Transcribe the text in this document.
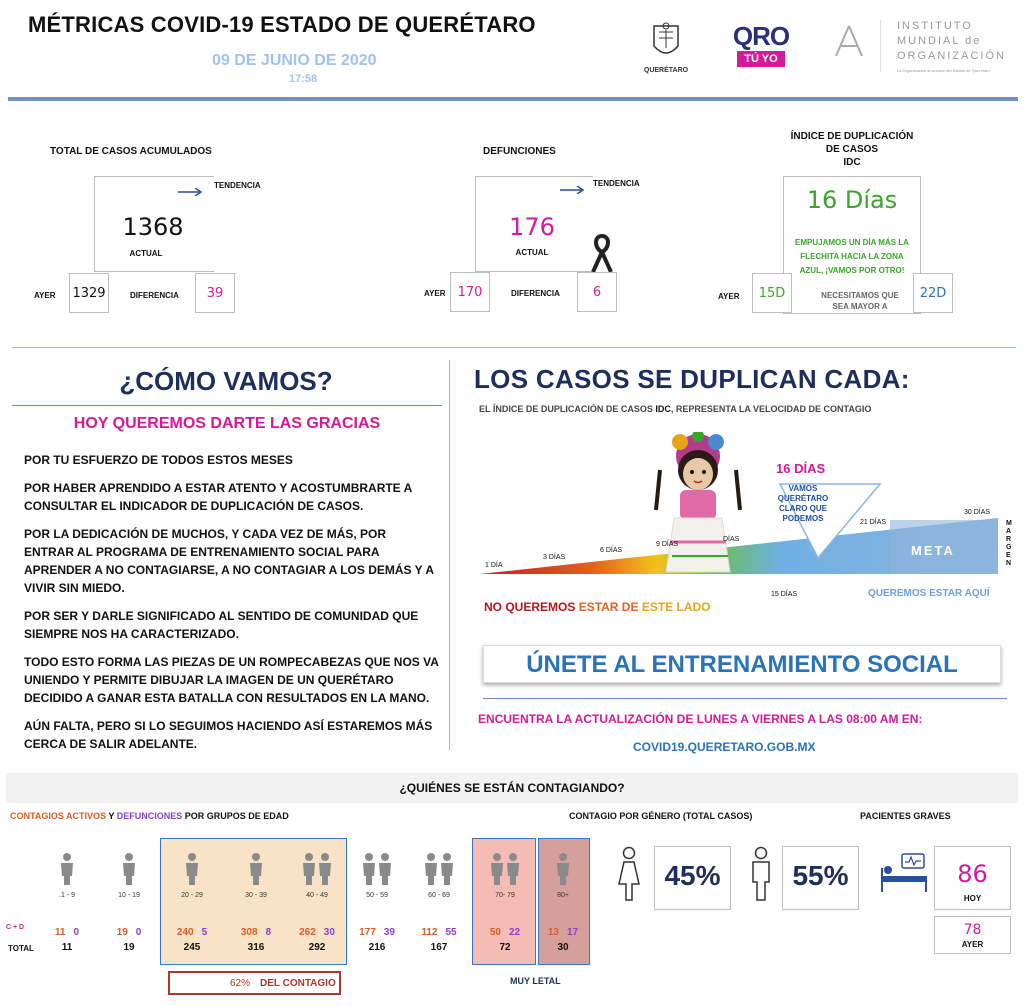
MÉTRICAS COVID-19 ESTADO DE QUERÉTARO
09 DE JUNIO DE 2020
17:58
QUERÉTARO
QRO
TÚ YO
INSTITUTO
MUNDIAL de
ORGANIZACIÓN
La Organización al servicio del Estado de Querétaro
TOTAL DE CASOS ACUMULADOS
TENDENCIA
1368
ACTUAL
AYER 1329	DIFERENCIA	39
DEFUNCIONES
TENDENCIA
176
ACTUAL
AYER 170	DIFERENCIA	6
ÍNDICE DE DUPLICACIÓN
DE CASOS
IDC
16 Días
EMPUJAMOS UN DÍA MÁS LA FLECHITA HACIA LA ZONA AZUL, ¡VAMOS POR OTRO!
AYER	15D	NECESITAMOS QUE SEA MAYOR A
22D
¿CÓMO VAMOS?
HOY QUEREMOS DARTE LAS GRACIAS

POR TU ESFUERZO DE TODOS ESTOS MESES

POR HABER APRENDIDO A ESTAR ATENTO Y ACOSTUMBRARTE A CONSULTAR EL INDICADOR DE DUPLICACIÓN DE CASOS.

POR LA DEDICACIÓN DE MUCHOS, Y CADA VEZ DE MÁS, POR ENTRAR AL PROGRAMA DE ENTRENAMIENTO SOCIAL PARA APRENDER A NO CONTAGIARSE, A NO CONTAGIAR A LOS DEMÁS Y A VIVIR SIN MIEDO.

POR SER Y DARLE SIGNIFICADO AL SENTIDO DE COMUNIDAD QUE SIEMPRE NOS HA CARACTERIZADO.

TODO ESTO FORMA LAS PIEZAS DE UN ROMPECABEZAS QUE NOS VA UNIENDO Y PERMITE DIBUJAR LA IMAGEN DE UN QUERÉTARO DECIDIDO A GANAR ESTA BATALLA CON RESULTADOS EN LA MANO.

AÚN FALTA, PERO SI LO SEGUIMOS HACIENDO ASÍ ESTAREMOS MÁS CERCA DE SALIR ADELANTE.

LOS CASOS SE DUPLICAN CADA:
EL ÍNDICE DE DUPLICACIÓN DE CASOS IDC, REPRESENTA LA VELOCIDAD DE CONTAGIO
1 DÍA
3 DÍAS
6 DÍAS
9 DÍAS
DÍAS
15 DÍAS
21 DÍAS
30 DÍAS
META
MARGEN
16 DÍAS
VAMOS QUERÉTARO CLARO QUE PODEMOS
NO QUEREMOS ESTAR DE ESTE LADO
QUEREMOS ESTAR AQUÍ
ÚNETE AL ENTRENAMIENTO SOCIAL
ENCUENTRA LA ACTUALIZACIÓN DE LUNES A VIERNES A LAS 08:00 AM EN:
COVID19.QUERETARO.GOB.MX
¿QUIÉNES SE ESTÁN CONTAGIANDO?
CONTAGIOS ACTIVOS Y DEFUNCIONES POR GRUPOS DE EDAD
.1 - 9
11 0
11
10 - 19
19 0
19
20 - 29
240 5
245
30 - 39
308 8
316
40 - 49
262 30
292
50 - 59
177 39
216
60 - 69
112 55
167
70- 79
50 22
72
80+
13 17
30
C + D
TOTAL
62% DEL CONTAGIO	MUY LETAL
CONTAGIO POR GÉNERO (TOTAL CASOS)
45%	55%
PACIENTES GRAVES
86
HOY
78
AYER
